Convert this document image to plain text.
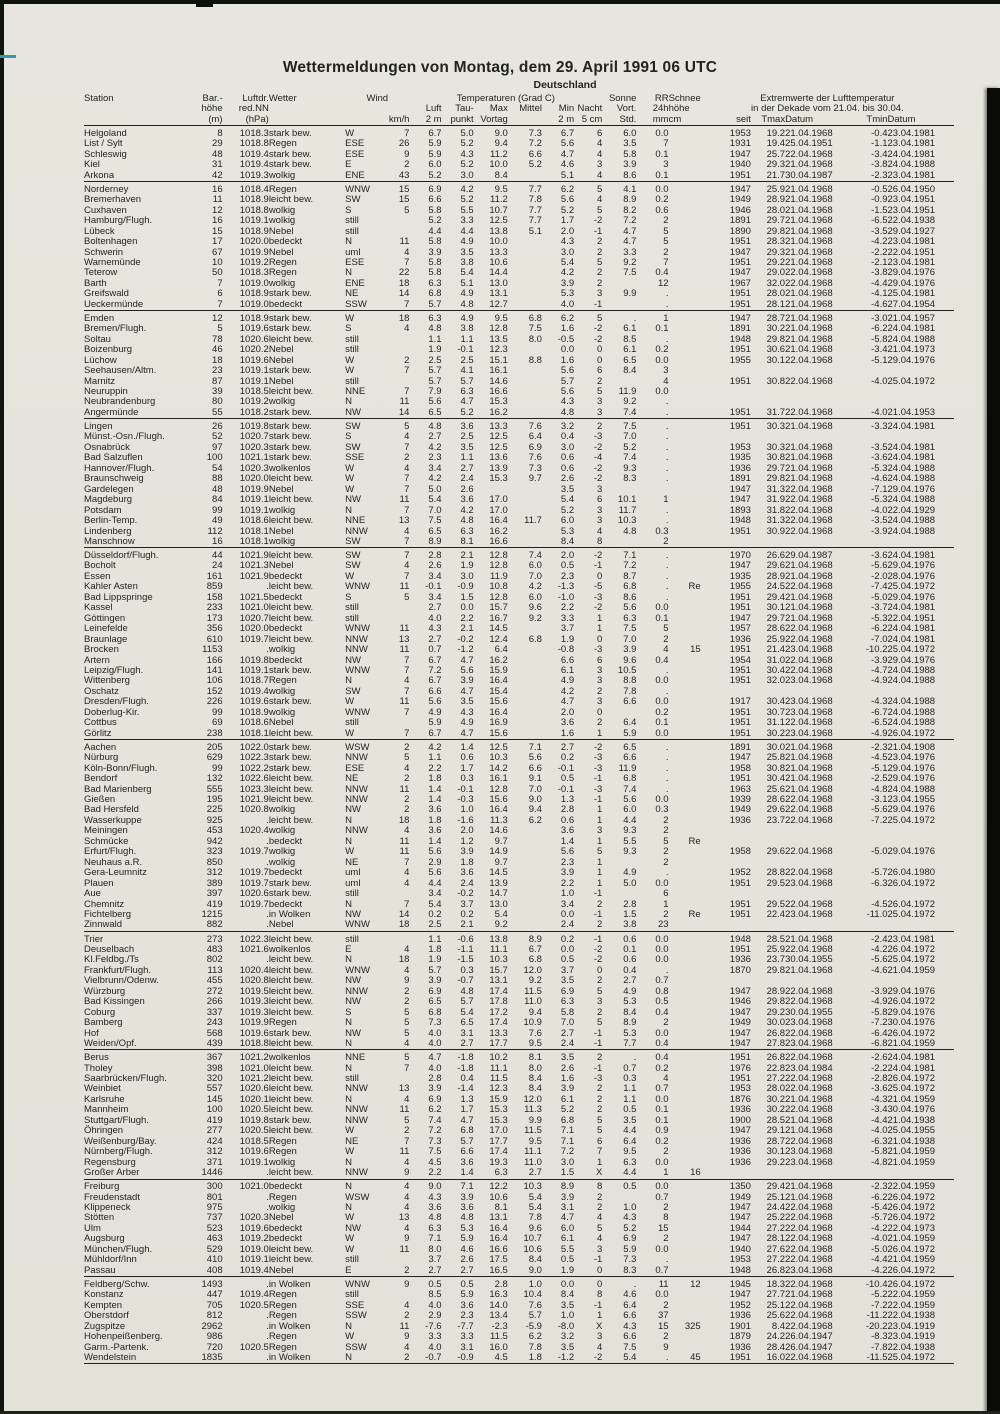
Wettermeldungen von Montag, dem 29. April 1991 06 UTC
Deutschland
Station	Bar.-	Luftdr.	Wetter	Wind		Temperaturen (Grad C)						Sonne	RR	Schnee	Extremwerte der Lufttemperatur				
	höhe	red.NN				Luft	Tau-	Max	Mittel	Min	Nacht	Vort.	24h	höhe	in der Dekade vom 21.04. bis 30.04.				
	(m)	(hPa)			km/h	2 m	punkt	Vortag		2 m	5 cm	Std.	mm	cm	seit	Tmax	Datum	Tmin	Datum
Helgoland	8	1018.3	stark bew.	W	7	6.7	5.0	9.0	7.3	6.7	6	6.0	0.0		1953	19.2	21.04.1968	-0.4	23.04.1981
List / Sylt	29	1018.8	Regen	ESE	26	5.9	5.2	9.4	7.2	5.6	4	3.5	7		1931	19.4	25.04.1951	-1.1	23.04.1981
Schleswig	48	1019.4	stark bew.	ESE	9	5.9	4.3	11.2	6.6	4.7	4	5.8	0.1		1947	25.7	22.04.1968	-3.4	24.04.1981
Kiel	31	1019.4	stark bew.	E	2	6.0	5.2	10.0	5.2	4.6	3	3.9	3		1940	29.3	21.04.1968	-3.8	24.04.1988
Arkona	42	1019.3	wolkig	ENE	43	5.2	3.0	8.4		5.1	4	8.6	0.1		1951	21.7	30.04.1987	-2.3	23.04.1981
Norderney	16	1018.4	Regen	WNW	15	6.9	4.2	9.5	7.7	6.2	5	4.1	0.0		1947	25.9	21.04.1968	-0.5	26.04.1950
Bremerhaven	11	1018.9	leicht bew.	SW	15	6.6	5.2	11.2	7.8	5.6	4	8.9	0.2		1949	28.9	21.04.1968	-0.9	23.04.1951
Cuxhaven	12	1018.8	wolkig	S	5	5.8	5.5	10.7	7.7	5.2	5	8.2	0.6		1946	28.0	21.04.1968	-1.5	23.04.1951
Hamburg/Flugh.	16	1019.1	wolkig	still		5.2	3.3	12.5	7.7	1.7	-2	7.2	2		1891	29.7	21.04.1968	-6.5	22.04.1938
Lübeck	15	1018.9	Nebel	still		4.4	4.4	13.8	5.1	2.0	-1	4.7	5		1890	29.8	21.04.1968	-3.5	29.04.1927
Boltenhagen	17	1020.0	bedeckt	N	11	5.8	4.9	10.0		4.3	2	4.7	5		1951	28.3	21.04.1968	-4.2	23.04.1981
Schwerin	67	1019.9	Nebel	uml	4	3.9	3.5	13.3		3.0	2	3.3	2		1947	29.3	21.04.1968	-2.2	22.04.1951
Warnemünde	10	1019.2	Regen	ESE	7	5.8	3.8	10.6		5.4	5	9.2	7		1951	29.2	21.04.1968	-2.1	23.04.1981
Teterow	50	1018.3	Regen	N	22	5.8	5.4	14.4		4.2	2	7.5	0.4		1947	29.0	22.04.1968	-3.8	29.04.1976
Barth	7	1019.0	wolkig	ENE	18	6.3	5.1	13.0		3.9	2		12		1967	32.0	22.04.1968	-4.4	29.04.1976
Greifswald	6	1018.9	stark bew.	NE	14	6.8	4.9	13.1		5.3	3	9.9	.		1951	28.0	21.04.1968	-4.1	25.04.1981
Ueckermünde	7	1019.0	bedeckt	SSW	7	5.7	4.8	12.7		4.0	-1		.		1951	28.1	21.04.1968	-4.6	27.04.1954
Emden	12	1018.9	stark bew.	W	18	6.3	4.9	9.5	6.8	6.2	5	.	1		1947	28.7	21.04.1968	-3.0	21.04.1957
Bremen/Flugh.	5	1019.6	stark bew.	S	4	4.8	3.8	12.8	7.5	1.6	-2	6.1	0.1		1891	30.2	21.04.1968	-6.2	24.04.1981
Soltau	78	1020.6	leicht bew.	still		1.1	1.1	13.5	8.0	-0.5	-2	8.5	.		1948	29.8	21.04.1968	-5.8	24.04.1988
Boizenburg	46	1020.2	Nebel	still		1.9	-0.1	12.3		0.0	0	6.1	0.2		1951	30.6	21.04.1968	-3.4	21.04.1973
Lüchow	18	1019.6	Nebel	W	2	2.5	2.5	15.1	8.8	1.6	0	6.5	0.0		1955	30.1	22.04.1968	-5.1	29.04.1976
Seehausen/Altm.	23	1019.1	stark bew.	W	7	5.7	4.1	16.1		5.6	6	8.4	3						
Marnitz	87	1019.1	Nebel	still		5.7	5.7	14.6		5.7	2		4		1951	30.8	22.04.1968	-4.0	25.04.1972
Neuruppin	39	1018.5	leicht bew.	NNE	7	7.9	6.3	16.6		5.6	5	11.9	0.0						
Neubrandenburg	80	1019.2	wolkig	N	11	5.6	4.7	15.3		4.3	3	9.2	.						
Angermünde	55	1018.2	stark bew.	NW	14	6.5	5.2	16.2		4.8	3	7.4	.		1951	31.7	22.04.1968	-4.0	21.04.1953
Lingen	26	1019.8	stark bew.	SW	5	4.8	3.6	13.3	7.6	3.2	2	7.5	.		1951	30.3	21.04.1968	-3.3	24.04.1981
Münst.-Osn./Flugh.	52	1020.7	stark bew.	S	4	2.7	2.5	12.5	6.4	0.4	-3	7.0	.						
Osnabrück	97	1020.3	stark bew.	SW	7	4.2	3.5	12.5	6.9	3.0	-2	5.2	.		1953	30.3	21.04.1968	-3.5	24.04.1981
Bad Salzuflen	100	1021.1	stark bew.	SSE	2	2.3	1.1	13.6	7.6	0.6	-4	7.4	.		1935	30.8	21.04.1968	-3.6	24.04.1981
Hannover/Flugh.	54	1020.3	wolkenlos	W	4	3.4	2.7	13.9	7.3	0.6	-2	9.3	.		1936	29.7	21.04.1968	-5.3	24.04.1988
Braunschweig	88	1020.0	leicht bew.	W	7	4.2	2.4	15.3	9.7	2.6	-2	8.3	.		1891	29.8	21.04.1968	-4.6	24.04.1988
Gardelegen	48	1019.9	Nebel	W	7	5.0	2.6			3.5	3				1947	31.3	22.04.1968	-7.1	29.04.1976
Magdeburg	84	1019.1	leicht bew.	NW	11	5.4	3.6	17.0		5.4	6	10.1	1		1947	31.9	22.04.1968	-5.3	24.04.1988
Potsdam	99	1019.1	wolkig	N	7	7.0	4.2	17.0		5.2	3	11.7	.		1893	31.8	22.04.1968	-4.0	22.04.1929
Berlin-Temp.	49	1018.6	leicht bew.	NNE	13	7.5	4.8	16.4	11.7	6.0	3	10.3	.		1948	31.3	22.04.1968	-3.5	24.04.1988
Lindenberg	112	1018.1	Nebel	NNW	4	6.5	6.3	16.2		5.3	4	4.8	0.3		1951	30.9	22.04.1968	-3.9	24.04.1988
Manschnow	16	1018.1	wolkig	SW	7	8.9	8.1	16.6		8.4	8		2						
Düsseldorf/Flugh.	44	1021.9	leicht bew.	SW	7	2.8	2.1	12.8	7.4	2.0	-2	7.1	.		1970	26.6	29.04.1987	-3.6	24.04.1981
Bocholt	24	1021.3	Nebel	SW	4	2.6	1.9	12.8	6.0	0.5	-1	7.2	.		1947	29.6	21.04.1968	-5.6	29.04.1976
Essen	161	1021.9	bedeckt	W	7	3.4	3.0	11.9	7.0	2.3	0	8.7	.		1935	28.9	21.04.1968	-2.0	28.04.1976
Kahler Asten	859	.	leicht bew.	WNW	11	-0.1	-0.9	10.8	4.2	-1.3	-5	6.8	.	Re	1955	24.5	22.04.1968	-7.4	25.04.1972
Bad Lippspringe	158	1021.5	bedeckt	S	5	3.4	1.5	12.8	6.0	-1.0	-3	8.6	.		1951	29.4	21.04.1968	-5.0	29.04.1976
Kassel	233	1021.0	leicht bew.	still		2.7	0.0	15.7	9.6	2.2	-2	5.6	0.0		1951	30.1	21.04.1968	-3.7	24.04.1981
Göttingen	173	1020.7	leicht bew.	still		4.0	2.2	16.7	9.2	3.3	1	6.3	0.1		1947	29.7	21.04.1968	-5.3	22.04.1951
Leinefelde	356	1020.0	bedeckt	WNW	11	4.3	2.1	14.5		3.7	1	7.5	5		1957	28.6	22.04.1968	-6.2	24.04.1981
Braunlage	610	1019.7	leicht bew.	NNW	13	2.7	-0.2	12.4	6.8	1.9	0	7.0	2		1936	25.9	22.04.1968	-7.0	24.04.1981
Brocken	1153	.	wolkig	NNW	11	0.7	-1.2	6.4		-0.8	-3	3.9	4	15	1951	21.4	23.04.1968	-10.2	25.04.1972
Artern	166	1019.8	bedeckt	NW	7	6.7	4.7	16.2		6.6	6	9.6	0.4		1954	31.0	22.04.1968	-3.9	29.04.1976
Leipzig/Flugh.	141	1019.1	stark bew.	WNW	7	7.2	5.6	15.9		6.1	3	10.5	.		1951	30.4	22.04.1968	-4.7	24.04.1988
Wittenberg	106	1018.7	Regen	N	4	6.7	3.9	16.4		4.9	3	8.8	0.0		1951	32.0	23.04.1968	-4.9	24.04.1988
Oschatz	152	1019.4	wolkig	SW	7	6.6	4.7	15.4		4.2	2	7.8	.						
Dresden/Flugh.	226	1019.6	stark bew.	W	11	5.6	3.5	15.6		4.7	3	6.6	0.0		1917	30.4	23.04.1968	-4.3	24.04.1988
Doberlug-Kir.	99	1018.9	wolkig	WNW	7	4.9	4.3	16.4		2.0	0		0.2		1951	30.7	23.04.1968	-6.7	24.04.1988
Cottbus	69	1018.6	Nebel	still		5.9	4.9	16.9		3.6	2	6.4	0.1		1951	31.1	22.04.1968	-6.5	24.04.1988
Görlitz	238	1018.1	leicht bew.	W	7	6.7	4.7	15.6		1.6	1	5.9	0.0		1951	30.2	23.04.1968	-4.9	26.04.1972
Aachen	205	1022.0	stark bew.	WSW	2	4.2	1.4	12.5	7.1	2.7	-2	6.5	.		1891	30.0	21.04.1968	-2.3	21.04.1908
Nürburg	629	1022.3	stark bew.	NNW	5	1.1	0.6	10.3	5.6	0.2	-3	6.6	.		1947	25.8	21.04.1968	-4.5	23.04.1976
Köln-Bonn/Flugh.	99	1022.2	stark bew.	ESE	4	2.2	1.7	14.2	6.6	-0.1	-3	11.9	.		1958	30.8	21.04.1968	-5.1	29.04.1976
Bendorf	132	1022.6	leicht bew.	NE	2	1.8	0.3	16.1	9.1	0.5	-1	6.8	.		1951	30.4	21.04.1968	-2.5	29.04.1976
Bad Marienberg	555	1023.3	leicht bew.	NNW	11	1.4	-0.1	12.8	7.0	-0.1	-3	7.4	.		1963	25.6	21.04.1968	-4.8	24.04.1988
Gießen	195	1021.9	leicht bew.	NNW	2	1.4	-0.3	15.6	9.0	1.3	-1	5.6	0.0		1939	28.6	22.04.1968	-3.1	23.04.1955
Bad Hersfeld	225	1020.8	wolkig	NW	2	3.6	1.0	16.4	9.4	2.8	1	6.0	0.3		1949	29.6	22.04.1968	-5.6	29.04.1976
Wasserkuppe	925	.	leicht bew.	N	18	1.8	-1.6	11.3	6.2	0.6	1	4.4	2		1936	23.7	22.04.1968	-7.2	25.04.1972
Meiningen	453	1020.4	wolkig	NNW	4	3.6	2.0	14.6		3.6	3	9.3	2						
Schmücke	942	.	bedeckt	N	11	1.4	1.2	9.7		1.4	1	5.5	5	Re					
Erfurt/Flugh.	323	1019.7	wolkig	W	11	5.6	3.9	14.9		5.6	5	9.3	2		1958	29.6	22.04.1968	-5.0	29.04.1976
Neuhaus a.R.	850	.	wolkig	NE	7	2.9	1.8	9.7		2.3	1		2						
Gera-Leumnitz	312	1019.7	bedeckt	uml	4	5.6	3.6	14.5		3.9	1	4.9	.		1952	28.8	22.04.1968	-5.7	26.04.1980
Plauen	389	1019.7	stark bew.	uml	4	4.4	2.4	13.9		2.2	1	5.0	0.0		1951	29.5	23.04.1968	-6.3	26.04.1972
Aue	397	1020.6	stark bew.	still		3.4	-0.2	14.7		1.0	-1		6						
Chemnitz	419	1019.7	bedeckt	N	7	5.4	3.7	13.0		3.4	2	2.8	1		1951	29.5	22.04.1968	-4.5	26.04.1972
Fichtelberg	1215	.	in Wolken	NW	14	0.2	0.2	5.4		0.0	-1	1.5	2	Re	1951	22.4	23.04.1968	-11.0	25.04.1972
Zinnwald	882	.	Nebel	WNW	18	2.5	2.1	9.2		2.4	2	3.8	23						
Trier	273	1022.3	leicht bew.	still		1.1	-0.6	13.8	8.9	0.2	-1	0.6	0.0		1948	28.5	21.04.1968	-2.4	23.04.1981
Deuselbach	483	1021.6	wolkenlos	E	4	1.8	-1.1	11.1	6.7	0.0	-2	0.1	0.0		1951	25.9	22.04.1968	-4.2	26.04.1972
Kl.Feldbg./Ts	802	.	leicht bew.	N	18	1.9	-1.5	10.3	6.8	0.5	-2	0.6	0.0		1936	23.7	30.04.1955	-5.6	25.04.1972
Frankfurt/Flugh.	113	1020.4	leicht bew.	WNW	4	5.7	0.3	15.7	12.0	3.7	0	0.4	.		1870	29.8	21.04.1968	-4.6	21.04.1959
Vielbrunn/Odenw.	455	1020.8	leicht bew.	NW	9	3.9	-0.7	13.1	9.2	3.5	2	2.7	0.7						
Würzburg	272	1019.5	leicht bew.	NNW	2	6.9	4.8	17.4	11.5	6.9	5	4.9	0.8		1947	28.9	22.04.1968	-3.9	29.04.1976
Bad Kissingen	266	1019.3	leicht bew.	NW	2	6.5	5.7	17.8	11.0	6.3	3	5.3	0.5		1946	29.8	22.04.1968	-4.9	26.04.1972
Coburg	337	1019.3	leicht bew.	S	5	6.8	5.4	17.2	9.4	5.8	2	8.4	0.4		1947	29.2	30.04.1955	-5.8	29.04.1976
Bamberg	243	1019.9	Regen	N	5	7.3	6.5	17.4	10.9	7.0	5	8.9	2		1949	30.0	23.04.1968	-7.2	30.04.1976
Hof	568	1019.6	stark bew.	NW	5	4.0	3.1	13.3	7.6	2.7	-1	5.3	0.0		1947	26.8	22.04.1968	-6.4	26.04.1972
Weiden/Opf.	439	1018.8	leicht bew.	N	4	4.0	2.7	17.7	9.5	2.4	-1	7.7	0.4		1947	27.8	23.04.1968	-6.8	21.04.1959
Berus	367	1021.2	wolkenlos	NNE	5	4.7	-1.8	10.2	8.1	3.5	2	.	0.4		1951	26.8	22.04.1968	-2.6	24.04.1981
Tholey	398	1021.0	leicht bew.	N	7	4.0	-1.8	11.1	8.0	2.6	-1	0.7	0.2		1976	22.8	23.04.1984	-2.2	24.04.1981
Saarbrücken/Flugh.	320	1021.2	leicht bew.	still		2.8	0.4	11.5	8.4	1.6	-3	0.3	4		1951	27.2	22.04.1968	-2.8	26.04.1972
Weinbiet	557	1020.6	leicht bew.	NNW	13	3.9	-1.4	12.3	8.4	3.9	2	1.1	0.7		1953	28.0	22.04.1968	-3.6	25.04.1972
Karlsruhe	145	1020.1	leicht bew.	N	4	6.9	1.3	15.9	12.0	6.1	2	1.1	0.0		1876	30.2	21.04.1968	-4.3	21.04.1959
Mannheim	100	1020.5	leicht bew.	NNW	11	6.2	1.7	15.3	11.3	5.2	2	0.5	0.1		1936	30.2	22.04.1968	-3.4	30.04.1976
Stuttgart/Flugh.	419	1019.8	stark bew.	NNW	5	7.4	4.7	15.3	9.9	6.8	5	3.5	0.1		1900	28.5	21.04.1968	-4.4	21.04.1938
Öhringen	277	1020.5	leicht bew.	W	2	7.2	6.8	17.0	11.5	7.1	5	4.4	0.9		1947	29.1	21.04.1968	-4.0	25.04.1955
Weißenburg/Bay.	424	1018.5	Regen	NE	7	7.3	5.7	17.7	9.5	7.1	6	6.4	0.2		1936	28.7	22.04.1968	-6.3	21.04.1938
Nürnberg/Flugh.	312	1019.6	Regen	W	11	7.5	6.6	17.4	11.1	7.2	7	9.5	2		1936	30.1	23.04.1968	-5.8	21.04.1959
Regensburg	371	1019.1	wolkig	N	4	4.5	3.6	19.3	11.0	3.0	1	6.3	0.0		1936	29.2	23.04.1968	-4.8	21.04.1959
Großer Arber	1446	.	leicht bew.	NNW	9	2.2	1.4	6.3	2.7	1.5	X	4.4	1	16					
Freiburg	300	1021.0	bedeckt	N	4	9.0	7.1	12.2	10.3	8.9	8	0.5	0.0		1350	29.4	21.04.1968	-2.3	22.04.1959
Freudenstadt	801	.	Regen	WSW	4	4.3	3.9	10.6	5.4	3.9	2		0.7		1949	25.1	21.04.1968	-6.2	26.04.1972
Klippeneck	975	.	wolkig	N	4	3.6	3.6	8.1	5.4	3.1	2	1.0	2		1947	24.4	22.04.1968	-5.4	26.04.1972
Stötten	737	1020.3	Nebel	W	13	4.8	4.8	13.1	7.8	4.7	4	4.3	8		1947	25.2	22.04.1968	-5.7	26.04.1972
Ulm	523	1019.6	bedeckt	NW	4	6.3	5.3	16.4	9.6	6.0	5	5.2	15		1944	27.2	22.04.1968	-4.2	22.04.1973
Augsburg	463	1019.2	bedeckt	W	9	7.1	5.9	16.4	10.7	6.1	4	6.9	2		1947	28.1	22.04.1968	-4.0	21.04.1959
München/Flugh.	529	1019.0	leicht bew.	W	11	8.0	4.6	16.6	10.6	5.5	3	5.9	0.0		1940	27.6	22.04.1968	-5.0	26.04.1972
Mühldorf/Inn	410	1019.1	leicht bew.	still		3.7	2.6	17.5	8.4	0.5	-1	7.3	.		1953	27.2	22.04.1968	-4.4	21.04.1959
Passau	408	1019.4	Nebel	E	2	2.7	2.7	16.5	9.0	1.9	0	8.3	0.7		1948	26.8	23.04.1968	-4.2	26.04.1972
Feldberg/Schw.	1493	.	in Wolken	WNW	9	0.5	0.5	2.8	1.0	0.0	0	.	11	12	1945	18.3	22.04.1968	-10.4	26.04.1972
Konstanz	447	1019.4	Regen	still		8.5	5.9	16.3	10.4	8.4	8	4.6	0.0		1947	27.7	21.04.1968	-5.2	22.04.1959
Kempten	705	1020.5	Regen	SSE	4	4.0	3.6	14.0	7.6	3.5	-1	6.4	2		1952	25.1	22.04.1968	-7.2	22.04.1959
Oberstdorf	812	.	Regen	SSW	2	2.9	2.3	13.4	5.7	1.0	1	6.6	37		1936	25.6	22.04.1968	-11.2	22.04.1938
Zugspitze	2962	.	in Wolken	N	11	-7.6	-7.7	-2.3	-5.9	-8.0	X	4.3	15	325	1901	8.4	22.04.1968	-20.2	23.04.1919
Hohenpeißenberg.	986	.	Regen	W	9	3.3	3.3	11.5	6.2	3.2	3	6.6	2		1879	24.2	26.04.1947	-8.3	23.04.1919
Garm.-Partenk.	720	1020.5	Regen	SSW	4	4.0	3.1	16.0	7.8	3.5	4	7.5	9		1936	28.4	26.04.1947	-7.8	22.04.1938
Wendelstein	1835	.	in Wolken	N	2	-0.7	-0.9	4.5	1.8	-1.2	-2	5.4	.	45	1951	16.0	22.04.1968	-11.5	25.04.1972
